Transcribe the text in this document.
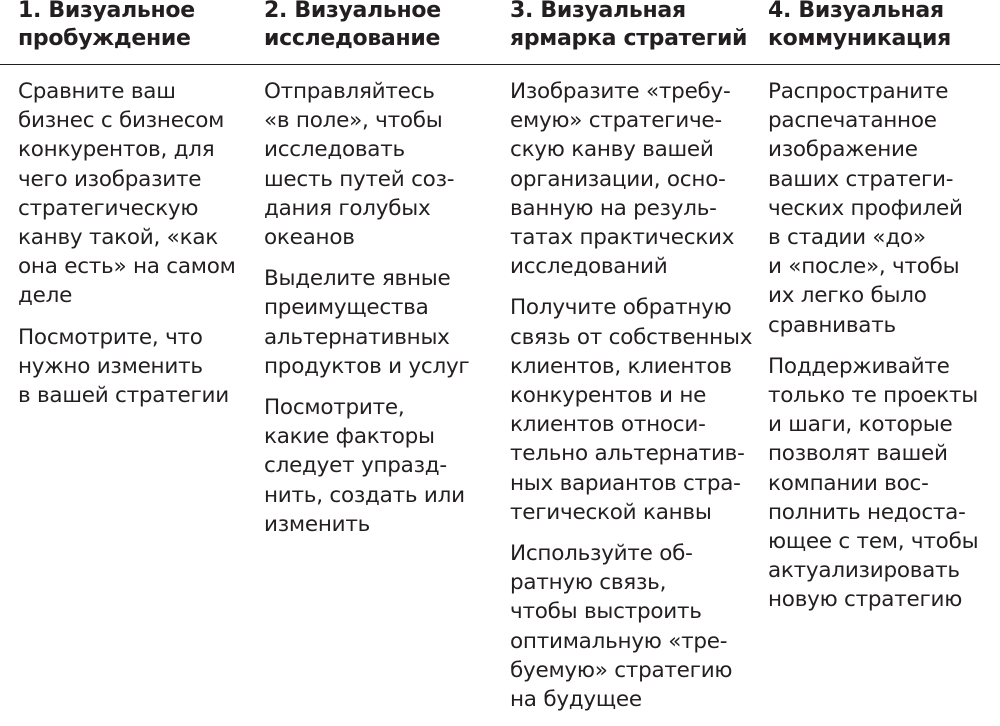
1. Визуальное
пробуждение
2. Визуальное
исследование
3. Визуальная
ярмарка стратегий
4. Визуальная
коммуникация
Сравните ваш
бизнес с бизнесом
конкурентов, для
чего изобразите
стратегическую
канву такой, «как
она есть» на самом
деле
Посмотрите, что
нужно изменить
в вашей стратегии
Отправляйтесь
«в поле», чтобы
исследовать
шесть путей соз-
дания голубых
океанов
Выделите явные
преимущества
альтернативных
продуктов и услуг
Посмотрите,
какие факторы
следует упразд-
нить, создать или
изменить
Изобразите «требу-
емую» стратегиче-
скую канву вашей
организации, осно-
ванную на резуль-
татах практических
исследований
Получите обратную
связь от собственных
клиентов, клиентов
конкурентов и не
клиентов относи-
тельно альтернатив-
ных вариантов стра-
тегической канвы
Используйте об-
ратную связь,
чтобы выстроить
оптимальную «тре-
буемую» стратегию
на будущее
Распространите
распечатанное
изображение
ваших стратеги-
ческих профилей
в стадии «до»
и «после», чтобы
их легко было
сравнивать
Поддерживайте
только те проекты
и шаги, которые
позволят вашей
компании вос-
полнить недоста-
ющее с тем, чтобы
актуализировать
новую стратегию
